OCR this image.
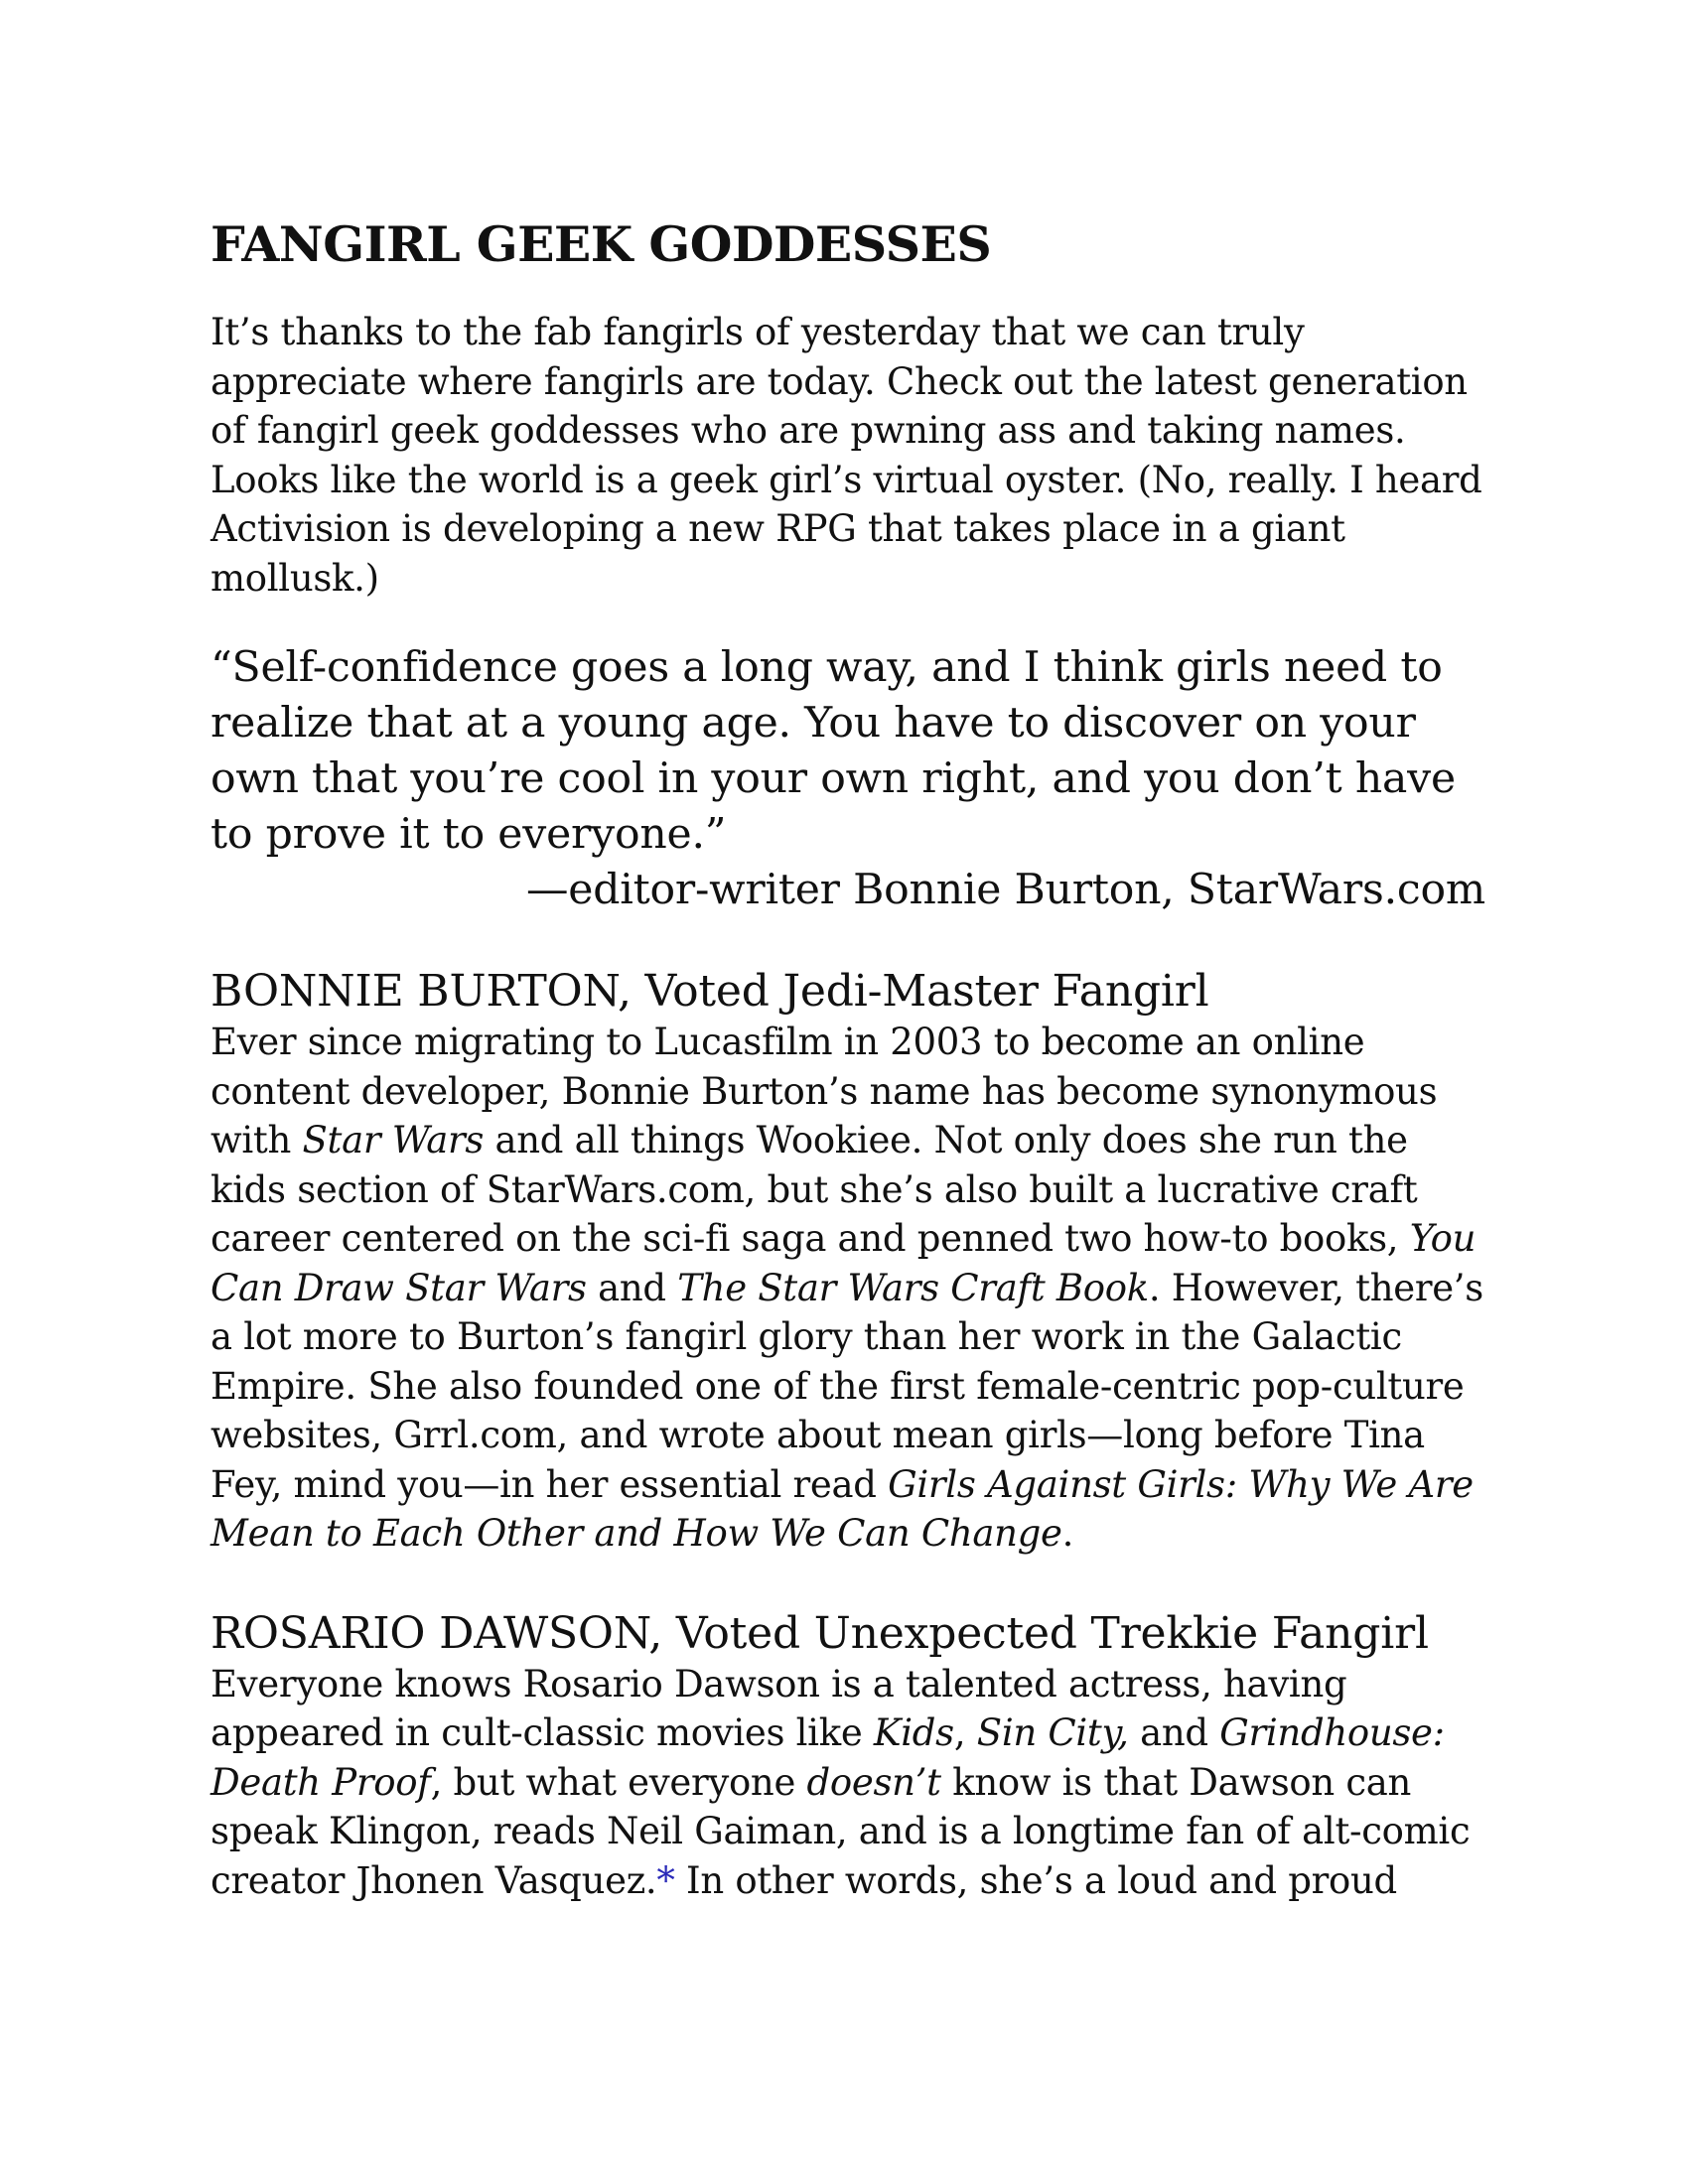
FANGIRL GEEK GODDESSES

It’s thanks to the fab fangirls of yesterday that we can truly appreciate where fangirls are today. Check out the latest generation of fangirl geek goddesses who are pwning ass and taking names. Looks like the world is a geek girl’s virtual oyster. (No, really. I heard Activision is developing a new RPG that takes place in a giant mollusk.)

“Self-confidence goes a long way, and I think girls need to realize that at a young age. You have to discover on your own that you’re cool in your own right, and you don’t have to prove it to everyone.”

—editor-writer Bonnie Burton, StarWars.com

BONNIE BURTON, Voted Jedi-Master Fangirl

Ever since migrating to Lucasfilm in 2003 to become an online content developer, Bonnie Burton’s name has become synonymous with Star Wars and all things Wookiee. Not only does she run the kids section of StarWars.com, but she’s also built a lucrative craft career centered on the sci-fi saga and penned two how-to books, You Can Draw Star Wars and The Star Wars Craft Book. However, there’s a lot more to Burton’s fangirl glory than her work in the Galactic Empire. She also founded one of the first female-centric pop-culture websites, Grrl.com, and wrote about mean girls—long before Tina Fey, mind you—in her essential read Girls Against Girls: Why We Are Mean to Each Other and How We Can Change.

ROSARIO DAWSON, Voted Unexpected Trekkie Fangirl

Everyone knows Rosario Dawson is a talented actress, having appeared in cult-classic movies like Kids, Sin City, and Grindhouse: Death Proof, but what everyone doesn’t know is that Dawson can speak Klingon, reads Neil Gaiman, and is a longtime fan of alt-comic creator Jhonen Vasquez.* In other words, she’s a loud and proud
